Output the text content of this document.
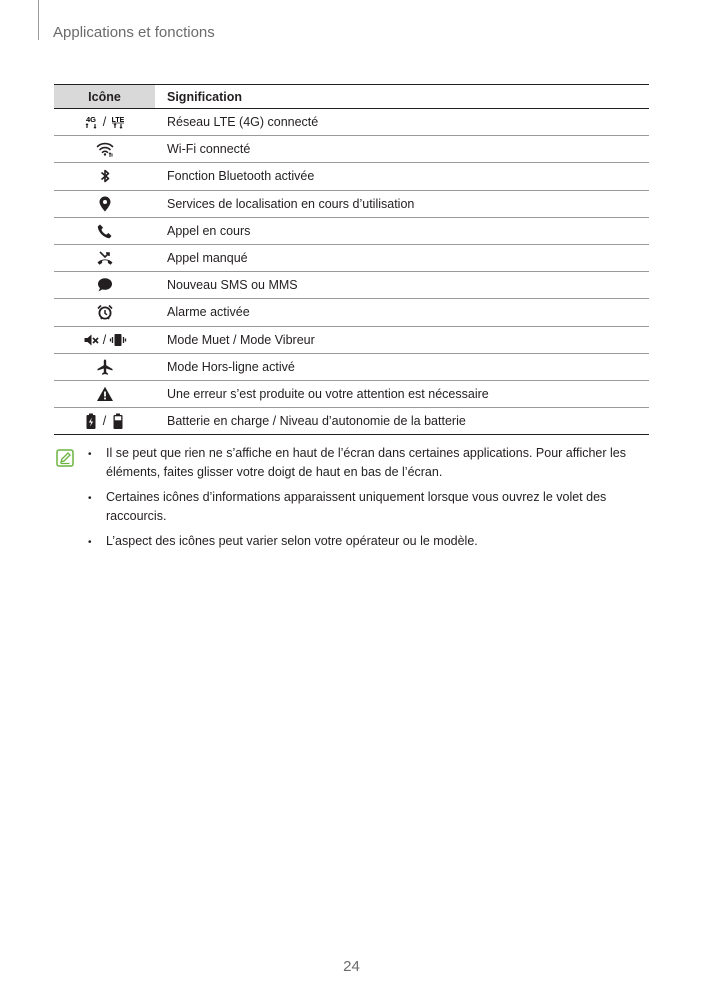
Applications et fonctions
Icône	Signification
4G / LTE	Réseau LTE (4G) connecté
Wi-Fi connecté
Fonction Bluetooth activée
Services de localisation en cours d’utilisation
Appel en cours
Appel manqué
Nouveau SMS ou MMS
Alarme activée
/	Mode Muet / Mode Vibreur
Mode Hors-ligne activé
Une erreur s’est produite ou votre attention est nécessaire
/	Batterie en charge / Niveau d’autonomie de la batterie
•	Il se peut que rien ne s’affiche en haut de l’écran dans certaines applications. Pour afficher les éléments, faites glisser votre doigt de haut en bas de l’écran.
•	Certaines icônes d’informations apparaissent uniquement lorsque vous ouvrez le volet des raccourcis.
•	L’aspect des icônes peut varier selon votre opérateur ou le modèle.
24
